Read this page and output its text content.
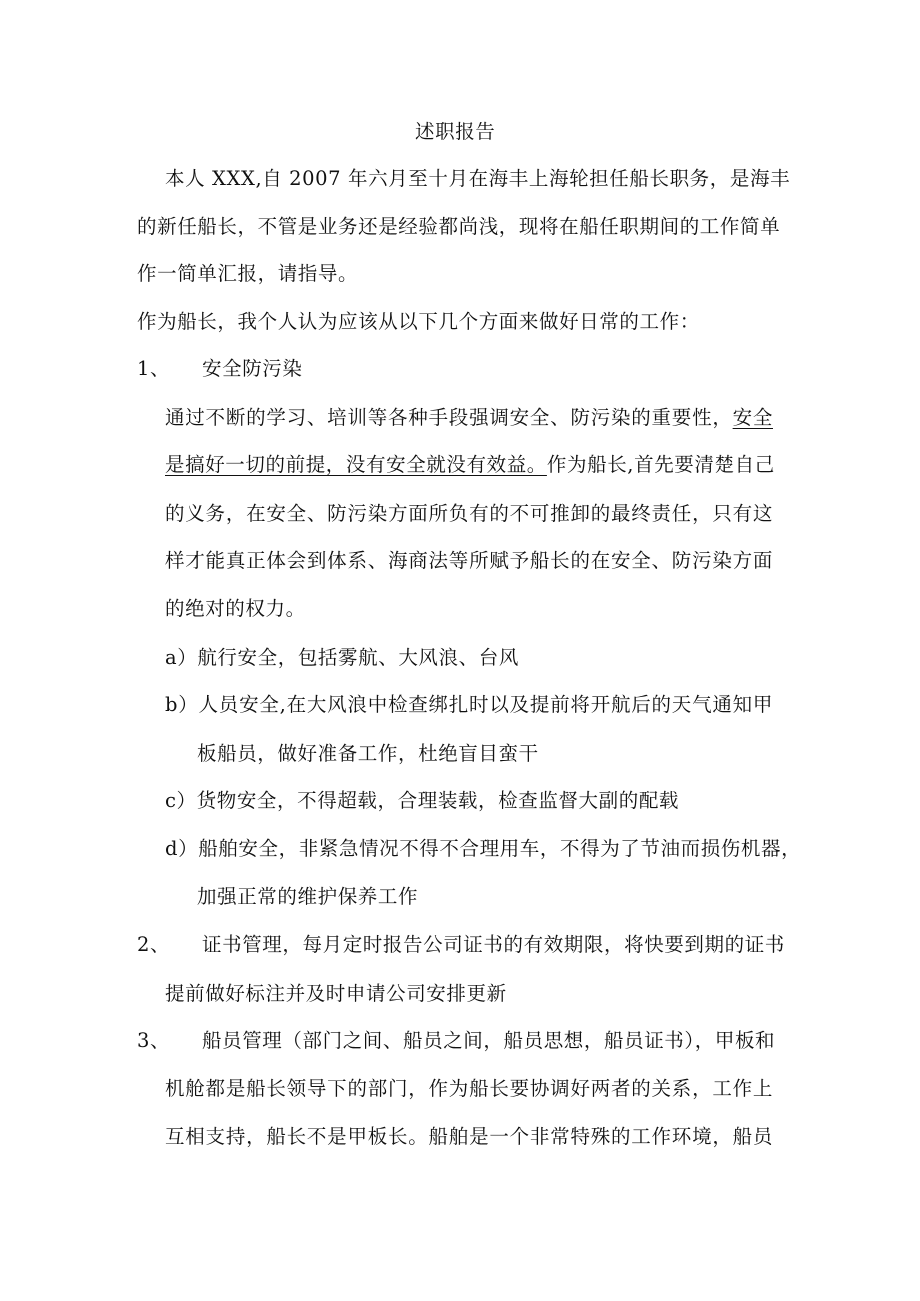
述职报告
本人 XXX,自 2007 年六月至十月在海丰上海轮担任船长职务，是海丰
的新任船长，不管是业务还是经验都尚浅，现将在船任职期间的工作简单
作一简单汇报，请指导。
作为船长，我个人认为应该从以下几个方面来做好日常的工作：
1、 安全防污染
通过不断的学习、培训等各种手段强调安全、防污染的重要性，安全
是搞好一切的前提，没有安全就没有效益。作为船长,首先要清楚自己
的义务，在安全、防污染方面所负有的不可推卸的最终责任，只有这
样才能真正体会到体系、海商法等所赋予船长的在安全、防污染方面
的绝对的权力。
a）航行安全，包括雾航、大风浪、台风
b）人员安全,在大风浪中检查绑扎时以及提前将开航后的天气通知甲
板船员，做好准备工作，杜绝盲目蛮干
c）货物安全，不得超载，合理装载，检查监督大副的配载
d）船舶安全，非紧急情况不得不合理用车，不得为了节油而损伤机器，
加强正常的维护保养工作
2、 证书管理，每月定时报告公司证书的有效期限，将快要到期的证书
提前做好标注并及时申请公司安排更新
3、 船员管理（部门之间、船员之间，船员思想，船员证书），甲板和
机舱都是船长领导下的部门，作为船长要协调好两者的关系，工作上
互相支持，船长不是甲板长。船舶是一个非常特殊的工作环境，船员
